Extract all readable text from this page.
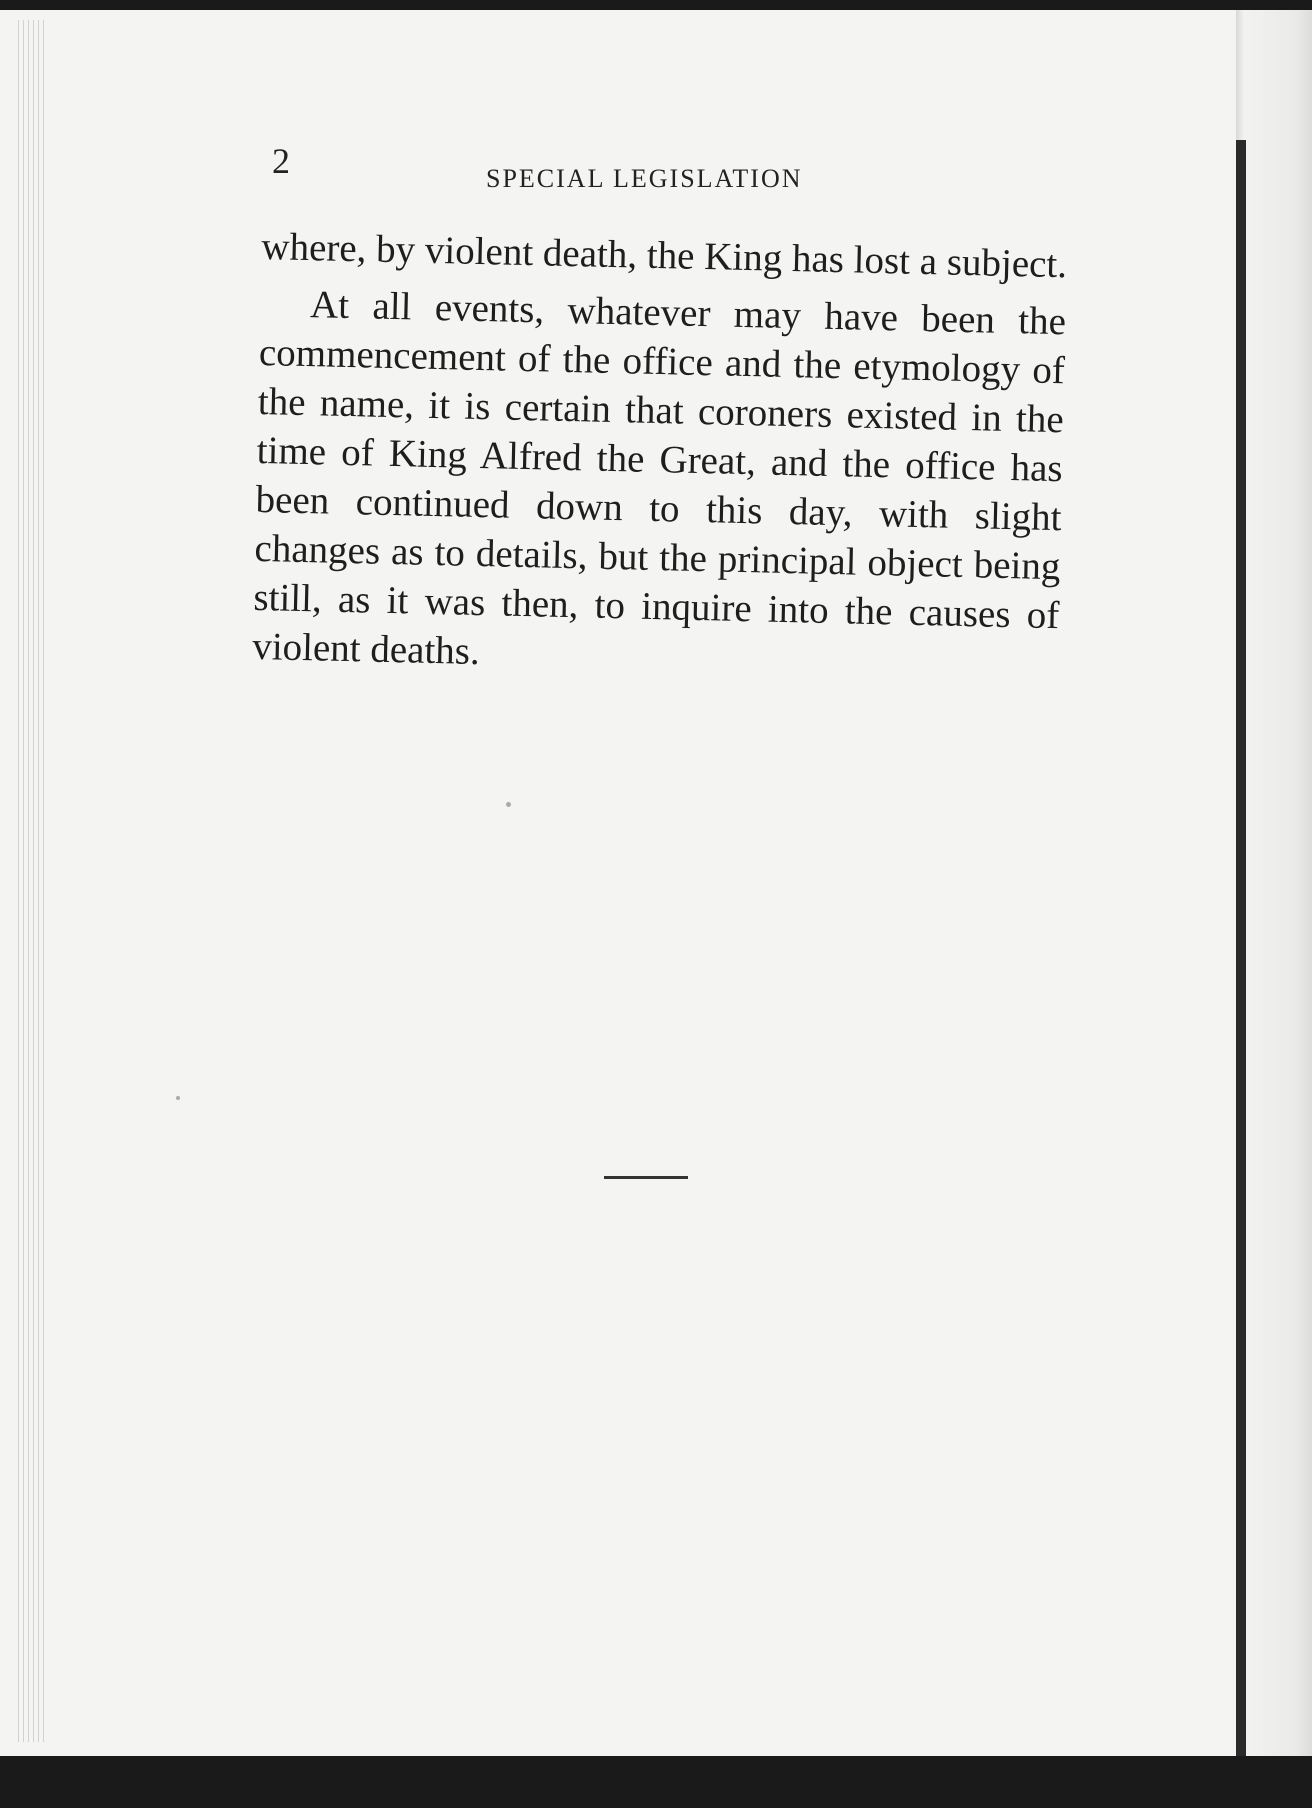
2	SPECIAL LEGISLATION

where, by violent death, the King has lost a subject.

At all events, whatever may have been the commencement of the office and the etymology of the name, it is certain that coroners existed in the time of King Alfred the Great, and the office has been continued down to this day, with slight changes as to details, but the principal object being still, as it was then, to inquire into the causes of violent deaths.
